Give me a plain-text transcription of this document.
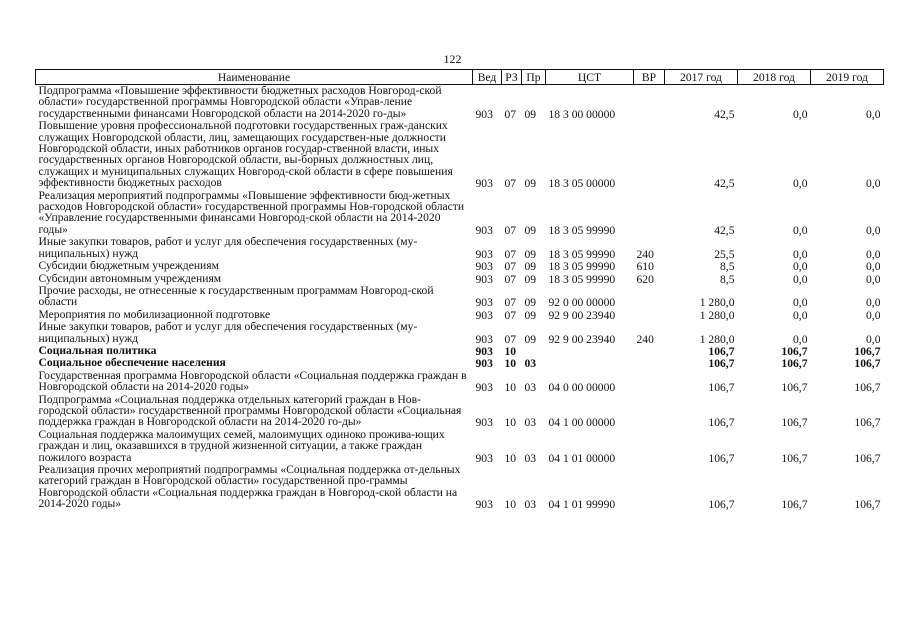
122
Наименование	Вед	РЗ	Пр	ЦСТ	ВР	2017 год	2018 год	2019 год
Подпрограмма «Повышение эффективности бюджетных расходов Новгород-ской области» государственной программы Новгородской области «Управ-ление государственными финансами Новгородской области на 2014-2020 го-ды»	903	07	09	18 3 00 00000		42,5	0,0	0,0
Повышение уровня профессиональной подготовки государственных граж-данских служащих Новгородской области, лиц, замещающих государствен-ные должности Новгородской области, иных работников органов государ-ственной власти, иных государственных органов Новгородской области, вы-борных должностных лиц, служащих и муниципальных служащих Новгород-ской области в сфере повышения эффективности бюджетных расходов	903	07	09	18 3 05 00000		42,5	0,0	0,0
Реализация мероприятий подпрограммы «Повышение эффективности бюд-жетных расходов Новгородской области» государственной программы Нов-городской области «Управление государственными финансами Новгород-ской области на 2014-2020 годы»	903	07	09	18 3 05 99990		42,5	0,0	0,0
Иные закупки товаров, работ и услуг для обеспечения государственных (му-ниципальных) нужд	903	07	09	18 3 05 99990	240	25,5	0,0	0,0
Субсидии бюджетным учреждениям	903	07	09	18 3 05 99990	610	8,5	0,0	0,0
Субсидии автономным учреждениям	903	07	09	18 3 05 99990	620	8,5	0,0	0,0
Прочие расходы, не отнесенные к государственным программам Новгород-ской области	903	07	09	92 0 00 00000		1 280,0	0,0	0,0
Мероприятия по мобилизационной подготовке	903	07	09	92 9 00 23940		1 280,0	0,0	0,0
Иные закупки товаров, работ и услуг для обеспечения государственных (му-ниципальных) нужд	903	07	09	92 9 00 23940	240	1 280,0	0,0	0,0
Социальная политика	903	10				106,7	106,7	106,7
Социальное обеспечение населения	903	10	03			106,7	106,7	106,7
Государственная программа Новгородской области «Социальная поддержка граждан в Новгородской области на 2014-2020 годы»	903	10	03	04 0 00 00000		106,7	106,7	106,7
Подпрограмма «Социальная поддержка отдельных категорий граждан в Нов-городской области» государственной программы Новгородской области «Социальная поддержка граждан в Новгородской области на 2014-2020 го-ды»	903	10	03	04 1 00 00000		106,7	106,7	106,7
Социальная поддержка малоимущих семей, малоимущих одиноко прожива-ющих граждан и лиц, оказавшихся в трудной жизненной ситуации, а также граждан пожилого возраста	903	10	03	04 1 01 00000		106,7	106,7	106,7
Реализация прочих мероприятий подпрограммы «Социальная поддержка от-дельных категорий граждан в Новгородской области» государственной про-граммы Новгородской области «Социальная поддержка граждан в Новгород-ской области на 2014-2020 годы»	903	10	03	04 1 01 99990		106,7	106,7	106,7
